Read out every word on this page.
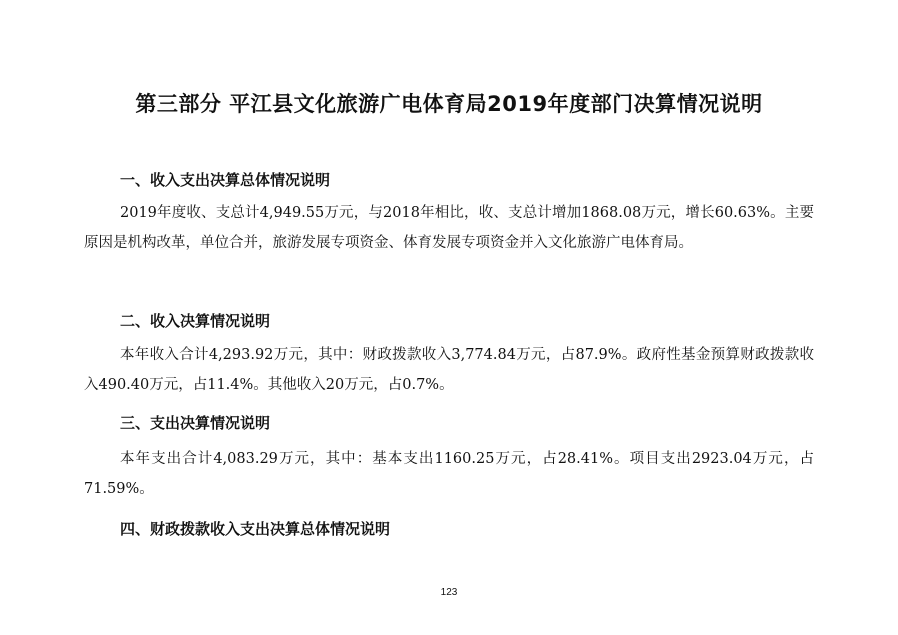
第三部分 平江县文化旅游广电体育局2019年度部门决算情况说明
一、收入支出决算总体情况说明
2019年度收、支总计4,949.55万元，与2018年相比，收、支总计增加1868.08万元，增长60.63%。主要原因是机构改革，单位合并，旅游发展专项资金、体育发展专项资金并入文化旅游广电体育局。
二、收入决算情况说明
本年收入合计4,293.92万元，其中：财政拨款收入3,774.84万元，占87.9%。政府性基金预算财政拨款收入490.40万元，占11.4%。其他收入20万元，占0.7%。
三、支出决算情况说明
本年支出合计4,083.29万元，其中：基本支出1160.25万元，占28.41%。项目支出2923.04万元，占71.59%。
四、财政拨款收入支出决算总体情况说明
123
